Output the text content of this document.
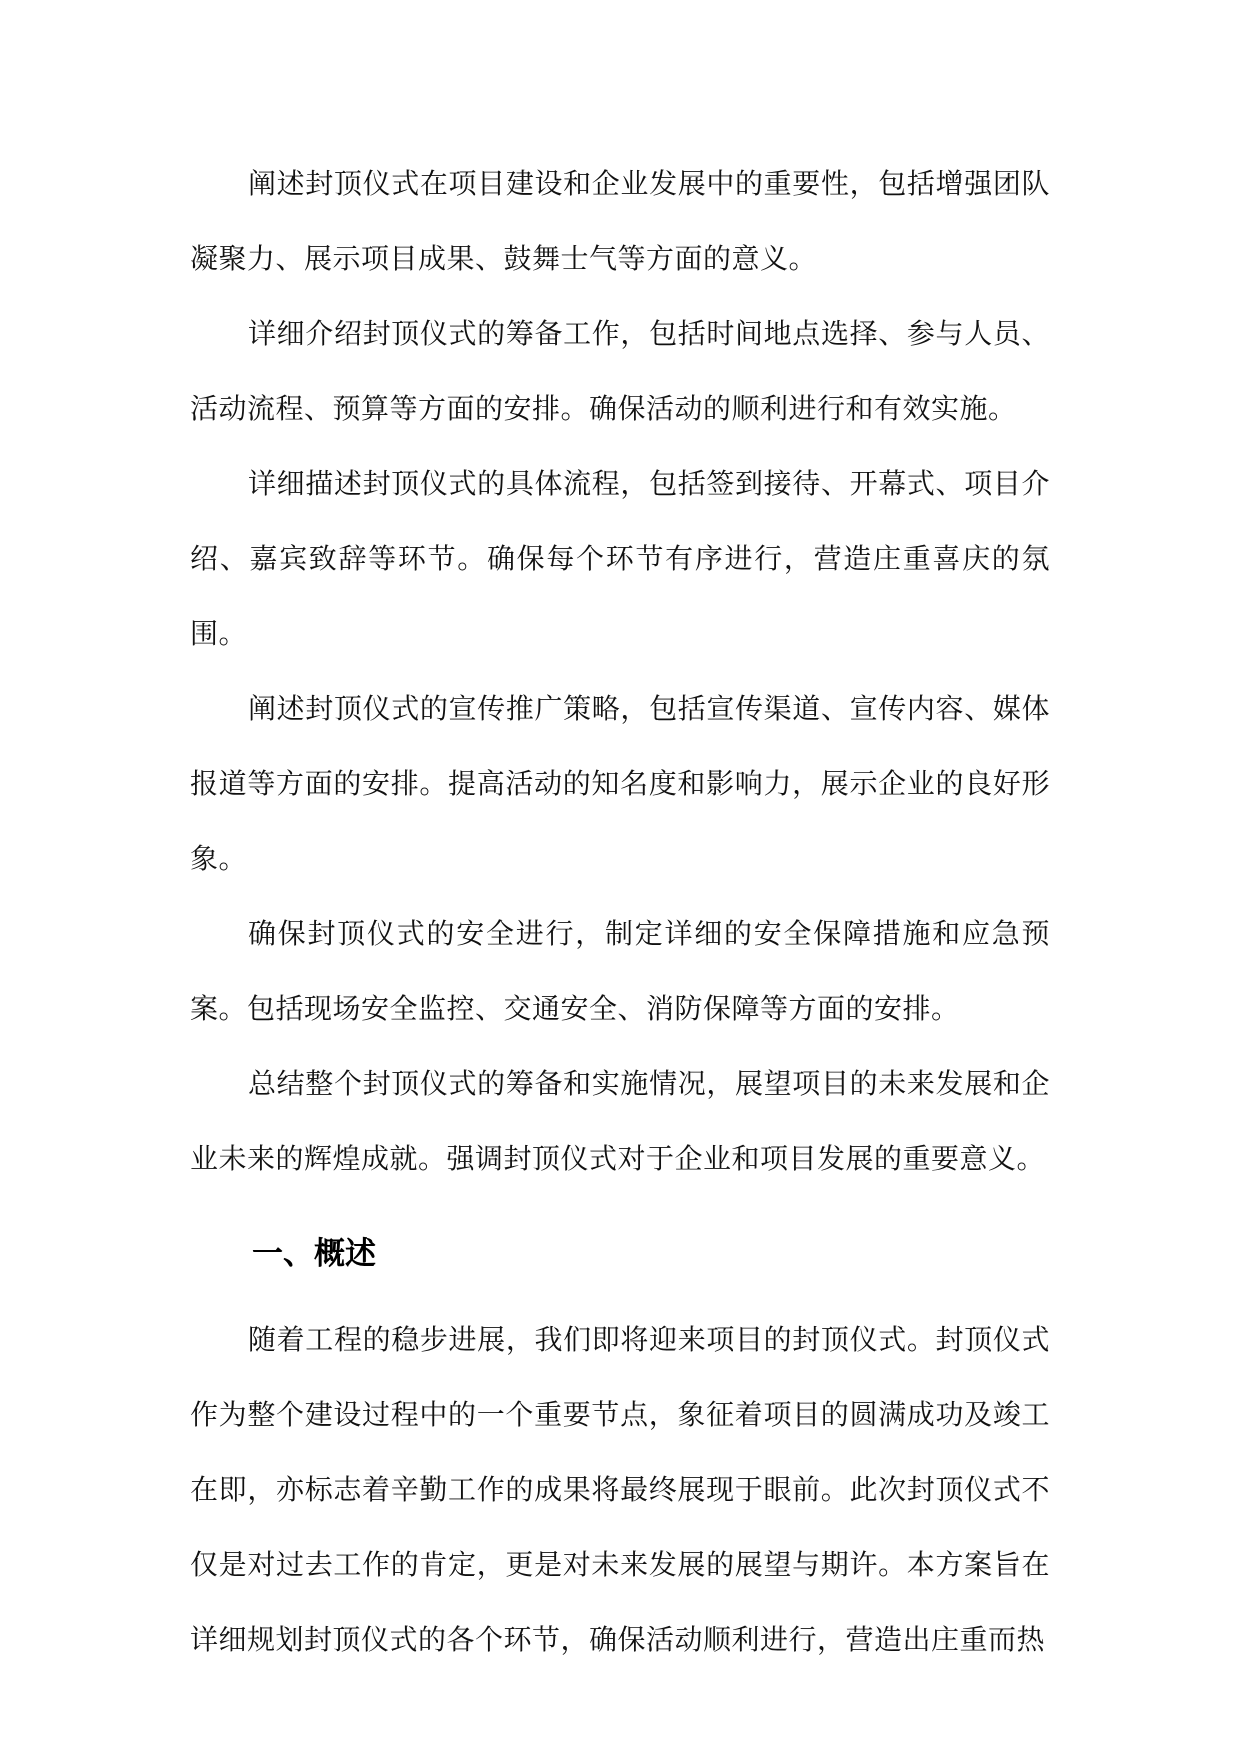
阐述封顶仪式在项目建设和企业发展中的重要性，包括增强团队凝聚力、展示项目成果、鼓舞士气等方面的意义。

详细介绍封顶仪式的筹备工作，包括时间地点选择、参与人员、活动流程、预算等方面的安排。确保活动的顺利进行和有效实施。

详细描述封顶仪式的具体流程，包括签到接待、开幕式、项目介绍、嘉宾致辞等环节。确保每个环节有序进行，营造庄重喜庆的氛围。

阐述封顶仪式的宣传推广策略，包括宣传渠道、宣传内容、媒体报道等方面的安排。提高活动的知名度和影响力，展示企业的良好形象。

确保封顶仪式的安全进行，制定详细的安全保障措施和应急预案。包括现场安全监控、交通安全、消防保障等方面的安排。

总结整个封顶仪式的筹备和实施情况，展望项目的未来发展和企业未来的辉煌成就。强调封顶仪式对于企业和项目发展的重要意义。

一、概述

随着工程的稳步进展，我们即将迎来项目的封顶仪式。封顶仪式作为整个建设过程中的一个重要节点，象征着项目的圆满成功及竣工在即，亦标志着辛勤工作的成果将最终展现于眼前。此次封顶仪式不仅是对过去工作的肯定，更是对未来发展的展望与期许。本方案旨在详细规划封顶仪式的各个环节，确保活动顺利进行，营造出庄重而热
